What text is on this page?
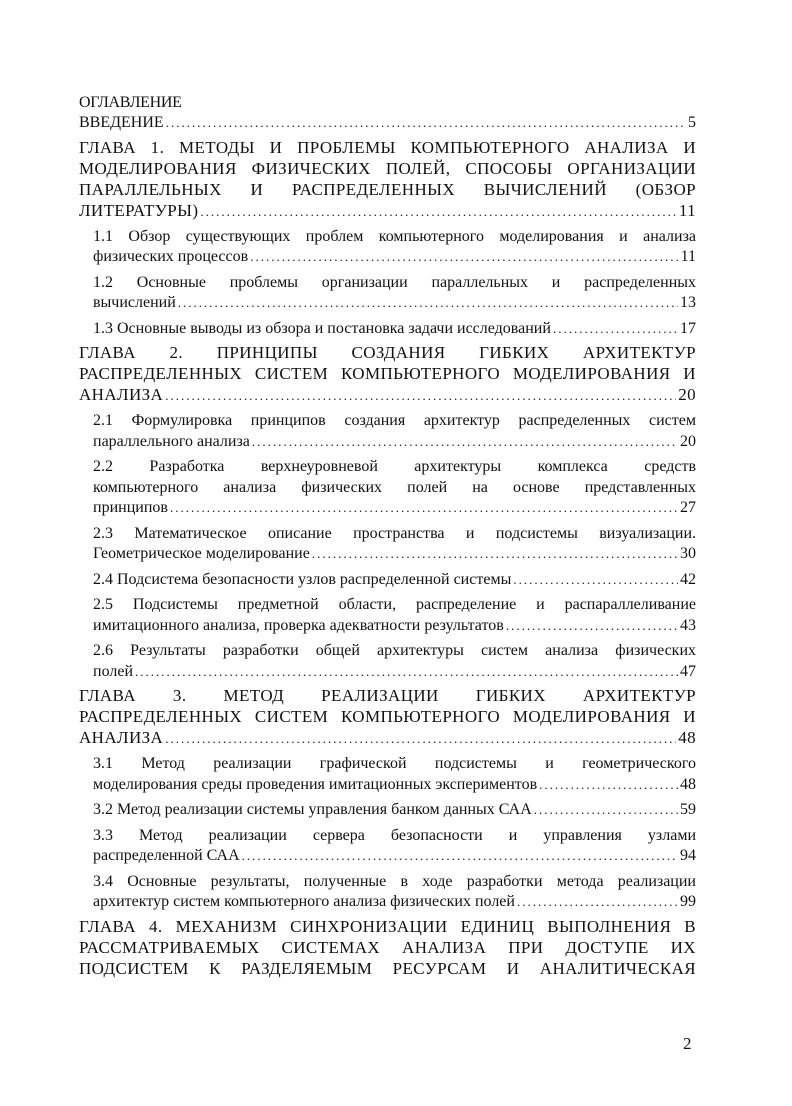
ОГЛАВЛЕНИЕ
ВВЕДЕНИЕ .....	5
ГЛАВА 1. МЕТОДЫ И ПРОБЛЕМЫ КОМПЬЮТЕРНОГО АНАЛИЗА И
МОДЕЛИРОВАНИЯ ФИЗИЧЕСКИХ ПОЛЕЙ, СПОСОБЫ ОРГАНИЗАЦИИ
ПАРАЛЛЕЛЬНЫХ И РАСПРЕДЕЛЕННЫХ ВЫЧИСЛЕНИЙ (ОБЗОР
ЛИТЕРАТУРЫ) .....	11
1.1 Обзор существующих проблем компьютерного моделирования и анализа
физических процессов .....	11
1.2 Основные проблемы организации параллельных и распределенных
вычислений .....	13
1.3 Основные выводы из обзора и постановка задачи исследований .....	17
ГЛАВА 2. ПРИНЦИПЫ СОЗДАНИЯ ГИБКИХ АРХИТЕКТУР
РАСПРЕДЕЛЕННЫХ СИСТЕМ КОМПЬЮТЕРНОГО МОДЕЛИРОВАНИЯ И
АНАЛИЗА .....	20
2.1 Формулировка принципов создания архитектур распределенных систем
параллельного анализа .....	20
2.2 Разработка верхнеуровневой архитектуры комплекса средств
компьютерного анализа физических полей на основе представленных
принципов .....	27
2.3 Математическое описание пространства и подсистемы визуализации.
Геометрическое моделирование .....	30
2.4 Подсистема безопасности узлов распределенной системы .....	42
2.5 Подсистемы предметной области, распределение и распараллеливание
имитационного анализа, проверка адекватности результатов .....	43
2.6 Результаты разработки общей архитектуры систем анализа физических
полей .....	47
ГЛАВА 3. МЕТОД РЕАЛИЗАЦИИ ГИБКИХ АРХИТЕКТУР
РАСПРЕДЕЛЕННЫХ СИСТЕМ КОМПЬЮТЕРНОГО МОДЕЛИРОВАНИЯ И
АНАЛИЗА .....	48
3.1 Метод реализации графической подсистемы и геометрического
моделирования среды проведения имитационных экспериментов .....	48
3.2 Метод реализации системы управления банком данных САА .....	59
3.3 Метод реализации сервера безопасности и управления узлами
распределенной САА .....	94
3.4 Основные результаты, полученные в ходе разработки метода реализации
архитектур систем компьютерного анализа физических полей .....	99
ГЛАВА 4. МЕХАНИЗМ СИНХРОНИЗАЦИИ ЕДИНИЦ ВЫПОЛНЕНИЯ В
РАССМАТРИВАЕМЫХ СИСТЕМАХ АНАЛИЗА ПРИ ДОСТУПЕ ИХ
ПОДСИСТЕМ К РАЗДЕЛЯЕМЫМ РЕСУРСАМ И АНАЛИТИЧЕСКАЯ
2
